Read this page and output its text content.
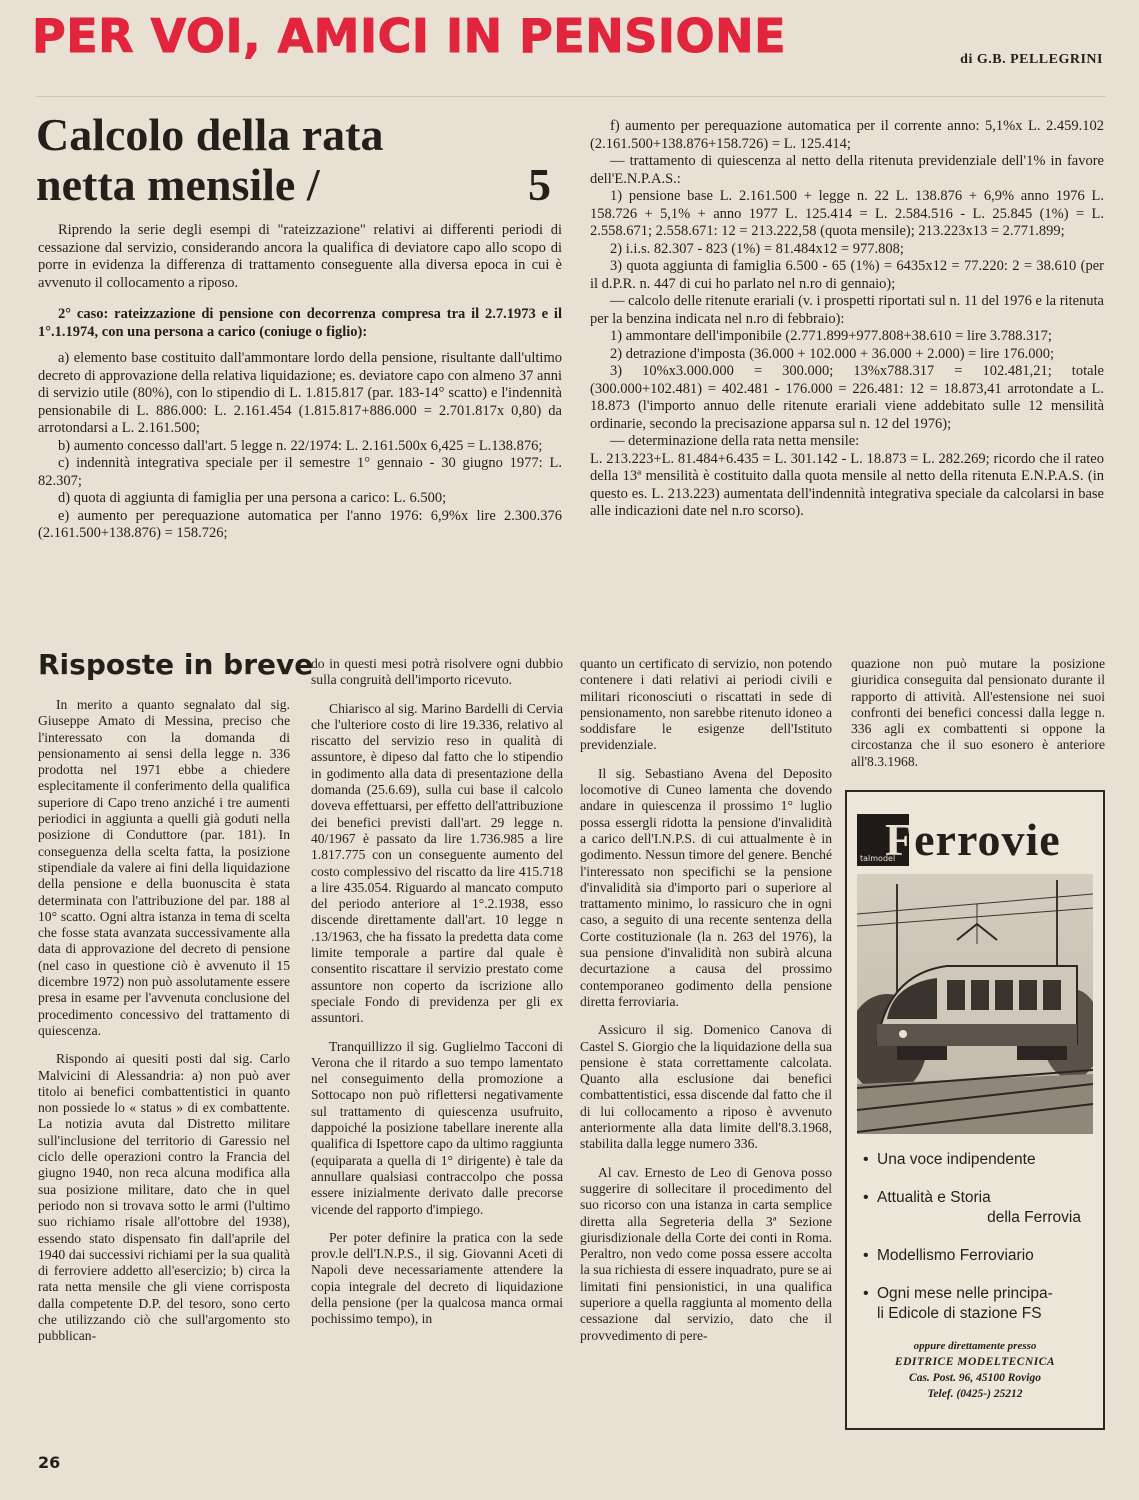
PER VOI, AMICI IN PENSIONE	di G.B. PELLEGRINI
Calcolo della rata
netta mensile /	5

Riprendo la serie degli esempi di "rateizzazione" relativi ai differenti periodi di cessazione dal servizio, considerando ancora la qualifica di deviatore capo allo scopo di porre in evidenza la differenza di trattamento conseguente alla diversa epoca in cui è avvenuto il collocamento a riposo.

2° caso: rateizzazione di pensione con decorrenza compresa tra il 2.7.1973 e il 1°.1.1974, con una persona a carico (coniuge o figlio):

a) elemento base costituito dall'ammontare lordo della pensione, risultante dall'ultimo decreto di approvazione della relativa liquidazione; es. deviatore capo con almeno 37 anni di servizio utile (80%), con lo stipendio di L. 1.815.817 (par. 183-14° scatto) e l'indennità pensionabile di L. 886.000: L. 2.161.454 (1.815.817+886.000 = 2.701.817x 0,80) da arrotondarsi a L. 2.161.500;

b) aumento concesso dall'art. 5 legge n. 22/1974: L. 2.161.500x 6,425 = L.138.876;

c) indennità integrativa speciale per il semestre 1° gennaio - 30 giugno 1977: L. 82.307;

d) quota di aggiunta di famiglia per una persona a carico: L. 6.500;

e) aumento per perequazione automatica per l'anno 1976: 6,9%x lire 2.300.376 (2.161.500+138.876) = 158.726;

f) aumento per perequazione automatica per il corrente anno: 5,1%x L. 2.459.102 (2.161.500+138.876+158.726) = L. 125.414;

— trattamento di quiescenza al netto della ritenuta previdenziale dell'1% in favore dell'E.N.P.A.S.:

1) pensione base L. 2.161.500 + legge n. 22 L. 138.876 + 6,9% anno 1976 L. 158.726 + 5,1% + anno 1977 L. 125.414 = L. 2.584.516 - L. 25.845 (1%) = L. 2.558.671; 2.558.671: 12 = 213.222,58 (quota mensile); 213.223x13 = 2.771.899;

2) i.i.s. 82.307 - 823 (1%) = 81.484x12 = 977.808;

3) quota aggiunta di famiglia 6.500 - 65 (1%) = 6435x12 = 77.220: 2 = 38.610 (per il d.P.R. n. 447 di cui ho parlato nel n.ro di gennaio);

— calcolo delle ritenute erariali (v. i prospetti riportati sul n. 11 del 1976 e la ritenuta per la benzina indicata nel n.ro di febbraio):

1) ammontare dell'imponibile (2.771.899+977.808+38.610 = lire 3.788.317;

2) detrazione d'imposta (36.000 + 102.000 + 36.000 + 2.000) = lire 176.000;

3) 10%x3.000.000 = 300.000; 13%x788.317 = 102.481,21; totale (300.000+102.481) = 402.481 - 176.000 = 226.481: 12 = 18.873,41 arrotondate a L. 18.873 (l'importo annuo delle ritenute erariali viene addebitato sulle 12 mensilità ordinarie, secondo la precisazione apparsa sul n. 12 del 1976);

— determinazione della rata netta mensile:

L. 213.223+L. 81.484+6.435 = L. 301.142 - L. 18.873 = L. 282.269; ricordo che il rateo della 13ª mensilità è costituito dalla quota mensile al netto della ritenuta E.N.P.A.S. (in questo es. L. 213.223) aumentata dell'indennità integrativa speciale da calcolarsi in base alle indicazioni date nel n.ro scorso).

Risposte in breve

In merito a quanto segnalato dal sig. Giuseppe Amato di Messina, preciso che l'interessato con la domanda di pensionamento ai sensi della legge n. 336 prodotta nel 1971 ebbe a chiedere esplecitamente il conferimento della qualifica superiore di Capo treno anziché i tre aumenti periodici in aggiunta a quelli già goduti nella posizione di Conduttore (par. 181). In conseguenza della scelta fatta, la posizione stipendiale da valere ai fini della liquidazione della pensione e della buonuscita è stata determinata con l'attribuzione del par. 188 al 10° scatto. Ogni altra istanza in tema di scelta che fosse stata avanzata successivamente alla data di approvazione del decreto di pensione (nel caso in questione ciò è avvenuto il 15 dicembre 1972) non può assolutamente essere presa in esame per l'avvenuta conclusione del procedimento concessivo del trattamento di quiescenza.

Rispondo ai quesiti posti dal sig. Carlo Malvicini di Alessandria: a) non può aver titolo ai benefici combattentistici in quanto non possiede lo « status » di ex combattente. La notizia avuta dal Distretto militare sull'inclusione del territorio di Garessio nel ciclo delle operazioni contro la Francia del giugno 1940, non reca alcuna modifica alla sua posizione militare, dato che in quel periodo non si trovava sotto le armi (l'ultimo suo richiamo risale all'ottobre del 1938), essendo stato dispensato fin dall'aprile del 1940 dai successivi richiami per la sua qualità di ferroviere addetto all'esercizio; b) circa la rata netta mensile che gli viene corrisposta dalla competente D.P. del tesoro, sono certo che utilizzando ciò che sull'argomento sto pubblican-

do in questi mesi potrà risolvere ogni dubbio sulla congruità dell'importo ricevuto.

Chiarisco al sig. Marino Bardelli di Cervia che l'ulteriore costo di lire 19.336, relativo al riscatto del servizio reso in qualità di assuntore, è dipeso dal fatto che lo stipendio in godimento alla data di presentazione della domanda (25.6.69), sulla cui base il calcolo doveva effettuarsi, per effetto dell'attribuzione dei benefici previsti dall'art. 29 legge n. 40/1967 è passato da lire 1.736.985 a lire 1.817.775 con un conseguente aumento del costo complessivo del riscatto da lire 415.718 a lire 435.054. Riguardo al mancato computo del periodo anteriore al 1°.2.1938, esso discende direttamente dall'art. 10 legge n .13/1963, che ha fissato la predetta data come limite temporale a partire dal quale è consentito riscattare il servizio prestato come assuntore non coperto da iscrizione allo speciale Fondo di previdenza per gli ex assuntori.

Tranquillizzo il sig. Guglielmo Tacconi di Verona che il ritardo a suo tempo lamentato nel conseguimento della promozione a Sottocapo non può riflettersi negativamente sul trattamento di quiescenza usufruito, dappoiché la posizione tabellare inerente alla qualifica di Ispettore capo da ultimo raggiunta (equiparata a quella di 1° dirigente) è tale da annullare qualsiasi contraccolpo che possa essere inizialmente derivato dalle precorse vicende del rapporto d'impiego.

Per poter definire la pratica con la sede prov.le dell'I.N.P.S., il sig. Giovanni Aceti di Napoli deve necessariamente attendere la copia integrale del decreto di liquidazione della pensione (per la qualcosa manca ormai pochissimo tempo), in

quanto un certificato di servizio, non potendo contenere i dati relativi ai periodi civili e militari riconosciuti o riscattati in sede di pensionamento, non sarebbe ritenuto idoneo a soddisfare le esigenze dell'Istituto previdenziale.

Il sig. Sebastiano Avena del Deposito locomotive di Cuneo lamenta che dovendo andare in quiescenza il prossimo 1° luglio possa essergli ridotta la pensione d'invalidità a carico dell'I.N.P.S. di cui attualmente è in godimento. Nessun timore del genere. Benché l'interessato non specifichi se la pensione d'invalidità sia d'importo pari o superiore al trattamento minimo, lo rassicuro che in ogni caso, a seguito di una recente sentenza della Corte costituzionale (la n. 263 del 1976), la sua pensione d'invalidità non subirà alcuna decurtazione a causa del prossimo contemporaneo godimento della pensione diretta ferroviaria.

Assicuro il sig. Domenico Canova di Castel S. Giorgio che la liquidazione della sua pensione è stata correttamente calcolata. Quanto alla esclusione dai benefici combattentistici, essa discende dal fatto che il di lui collocamento a riposo è avvenuto anteriormente alla data limite dell'8.3.1968, stabilita dalla legge numero 336.

Al cav. Ernesto de Leo di Genova posso suggerire di sollecitare il procedimento del suo ricorso con una istanza in carta semplice diretta alla Segreteria della 3ª Sezione giurisdizionale della Corte dei conti in Roma. Peraltro, non vedo come possa essere accolta la sua richiesta di essere inquadrato, pure se ai limitati fini pensionistici, in una qualifica superiore a quella raggiunta al momento della cessazione dal servizio, dato che il provvedimento di pere-

quazione non può mutare la posizione giuridica conseguita dal pensionato durante il rapporto di attività. All'estensione nei suoi confronti dei benefici concessi dalla legge n. 336 agli ex combattenti si oppone la circostanza che il suo esonero è anteriore all'8.3.1968.

Ferrovie
talmodel
• Una voce indipendente
• Attualità e Storia
della Ferrovia
• Modellismo Ferroviario
• Ogni mese nelle principa-
li Edicole di stazione FS
oppure direttamente presso
EDITRICE MODELTECNICA
Cas. Post. 96, 45100 Rovigo
Telef. (0425-) 25212
26
